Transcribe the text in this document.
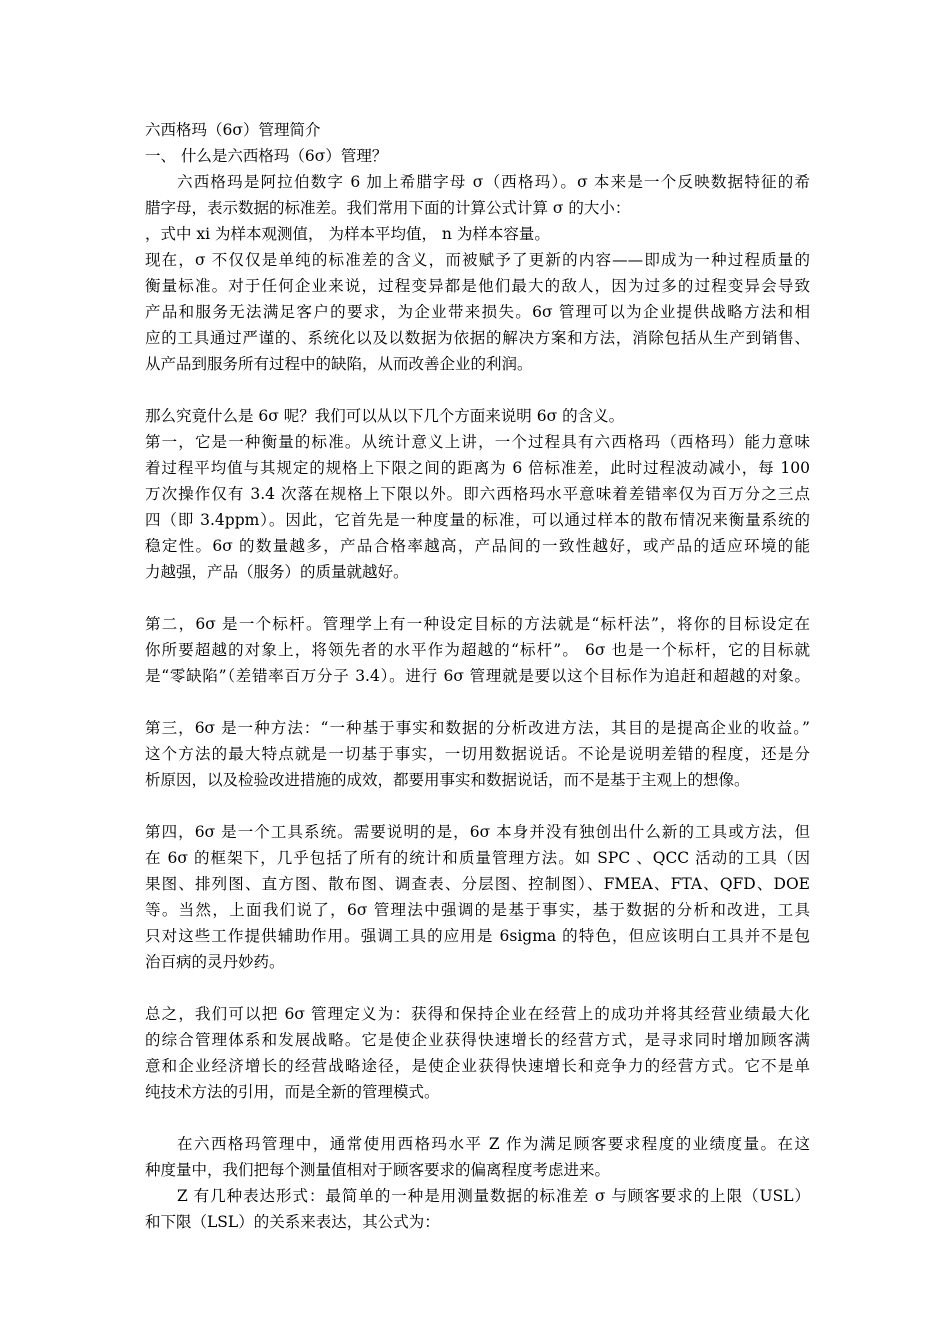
六西格玛（6σ）管理简介
一、 什么是六西格玛（6σ）管理？
六西格玛是阿拉伯数字 6 加上希腊字母 σ（西格玛）。σ 本来是一个反映数据特征的希
腊字母，表示数据的标准差。我们常用下面的计算公式计算 σ 的大小：
，式中 xi 为样本观测值， 为样本平均值， n 为样本容量。
现在，σ 不仅仅是单纯的标准差的含义，而被赋予了更新的内容——即成为一种过程质量的
衡量标准。对于任何企业来说，过程变异都是他们最大的敌人，因为过多的过程变异会导致
产品和服务无法满足客户的要求，为企业带来损失。6σ 管理可以为企业提供战略方法和相
应的工具通过严谨的、系统化以及以数据为依据的解决方案和方法，消除包括从生产到销售、
从产品到服务所有过程中的缺陷，从而改善企业的利润。
那么究竟什么是 6σ 呢？我们可以从以下几个方面来说明 6σ 的含义。
第一，它是一种衡量的标准。从统计意义上讲，一个过程具有六西格玛（西格玛）能力意味
着过程平均值与其规定的规格上下限之间的距离为 6 倍标准差，此时过程波动减小，每 100
万次操作仅有 3.4 次落在规格上下限以外。即六西格玛水平意味着差错率仅为百万分之三点
四（即 3.4ppm）。因此，它首先是一种度量的标准，可以通过样本的散布情况来衡量系统的
稳定性。6σ 的数量越多，产品合格率越高，产品间的一致性越好，或产品的适应环境的能
力越强，产品（服务）的质量就越好。
第二，6σ 是一个标杆。管理学上有一种设定目标的方法就是“标杆法”，将你的目标设定在
你所要超越的对象上，将领先者的水平作为超越的“标杆”。 6σ 也是一个标杆，它的目标就
是“零缺陷”（差错率百万分子 3.4）。进行 6σ 管理就是要以这个目标作为追赶和超越的对象。
第三，6σ 是一种方法：“一种基于事实和数据的分析改进方法，其目的是提高企业的收益。”
这个方法的最大特点就是一切基于事实，一切用数据说话。不论是说明差错的程度，还是分
析原因，以及检验改进措施的成效，都要用事实和数据说话，而不是基于主观上的想像。
第四，6σ 是一个工具系统。需要说明的是，6σ 本身并没有独创出什么新的工具或方法，但
在 6σ 的框架下，几乎包括了所有的统计和质量管理方法。如 SPC 、QCC 活动的工具（因
果图、排列图、直方图、散布图、调查表、分层图、控制图）、FMEA、FTA、QFD、DOE
等。当然，上面我们说了，6σ 管理法中强调的是基于事实，基于数据的分析和改进，工具
只对这些工作提供辅助作用。强调工具的应用是 6sigma 的特色，但应该明白工具并不是包
治百病的灵丹妙药。
总之，我们可以把 6σ 管理定义为：获得和保持企业在经营上的成功并将其经营业绩最大化
的综合管理体系和发展战略。它是使企业获得快速增长的经营方式，是寻求同时增加顾客满
意和企业经济增长的经营战略途径，是使企业获得快速增长和竞争力的经营方式。它不是单
纯技术方法的引用，而是全新的管理模式。
在六西格玛管理中，通常使用西格玛水平 Z 作为满足顾客要求程度的业绩度量。在这
种度量中，我们把每个测量值相对于顾客要求的偏离程度考虑进来。
Z 有几种表达形式：最简单的一种是用测量数据的标准差 σ 与顾客要求的上限（USL）
和下限（LSL）的关系来表达，其公式为：
